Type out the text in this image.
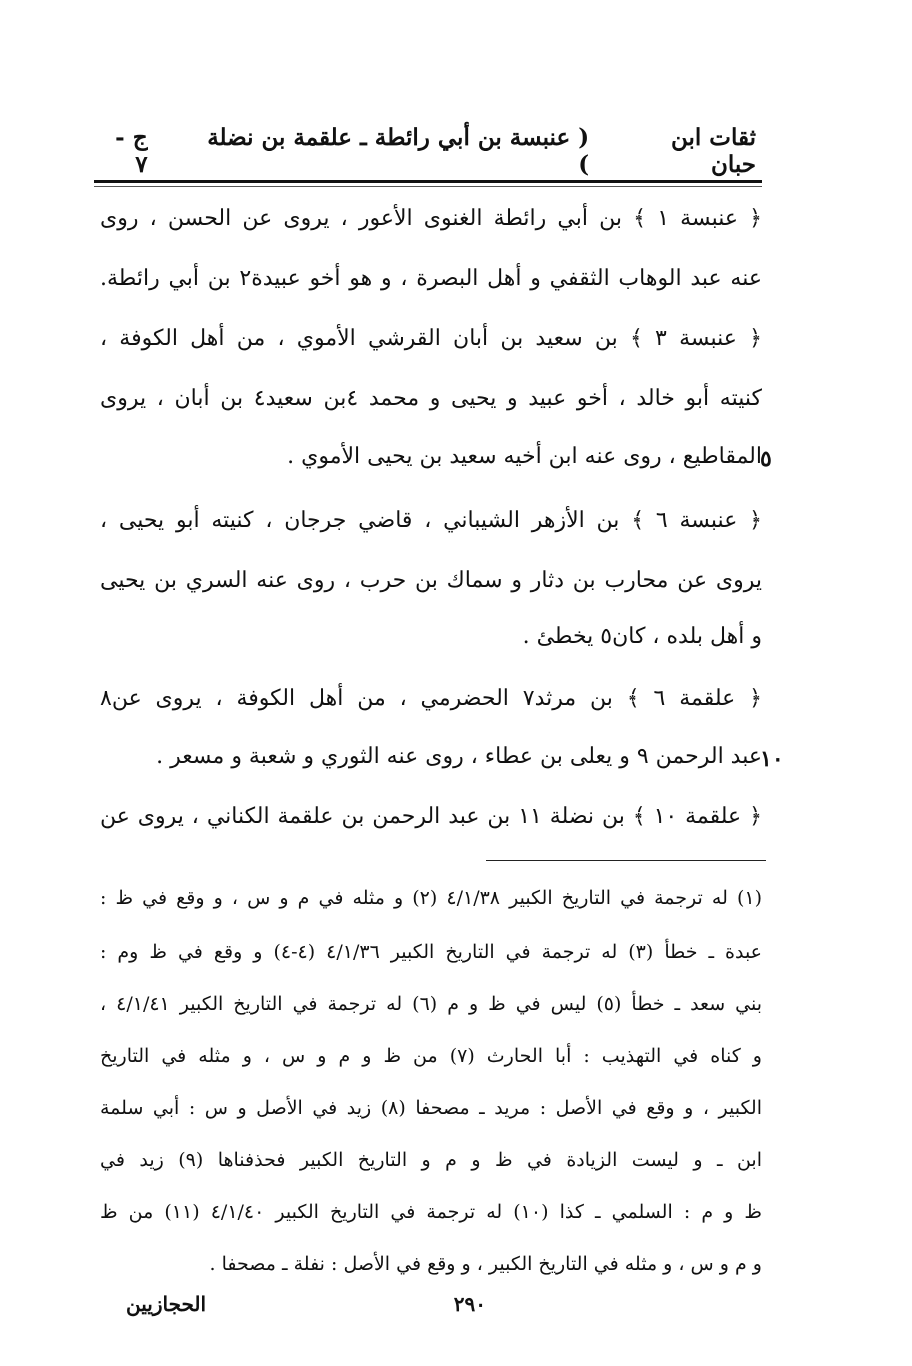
ثقات ابن حبان
( عنبسة بن أبي رائطة ـ علقمة بن نضلة )
ج - ٧
﴿ عنبسة ١ ﴾ بن أبي رائطة الغنوى الأعور ، يروى عن الحسن ، روى
عنه عبد الوهاب الثقفي و أهل البصرة ، و هو أخو عبيدة٢ بن أبي رائطة.
﴿ عنبسة ٣ ﴾ بن سعيد بن أبان القرشي الأموي ، من أهل الكوفة ،
كنيته أبو خالد ، أخو عبيد و يحيى و محمد ٤بن سعيد٤ بن أبان ، يروى
المقاطيع ، روى عنه ابن أخيه سعيد بن يحيى الأموي .
٥
﴿ عنبسة ٦ ﴾ بن الأزهر الشيباني ، قاضي جرجان ، كنيته أبو يحيى ،
يروى عن محارب بن دثار و سماك بن حرب ، روى عنه السري بن يحيى
و أهل بلده ، كان٥ يخطئ .
﴿ علقمة ٦ ﴾ بن مرثد٧ الحضرمي ، من أهل الكوفة ، يروى عن٨
عبد الرحمن ٩ و يعلى بن عطاء ، روى عنه الثوري و شعبة و مسعر .
١٠
﴿ علقمة ١٠ ﴾ بن نضلة ١١ بن عبد الرحمن بن علقمة الكناني ، يروى عن
(١) له ترجمة في التاريخ الكبير ٤/١/٣٨ (٢) و مثله في م و س ، و وقع في ظ :
عبدة ـ خطأ (٣) له ترجمة في التاريخ الكبير ٤/١/٣٦ (٤-٤) و وقع في ظ وم :
بني سعد ـ خطأ (٥) ليس في ظ و م (٦) له ترجمة في التاريخ الكبير ٤/١/٤١ ،
و كناه في التهذيب : أبا الحارث (٧) من ظ و م و س ، و مثله في التاريخ
الكبير ، و وقع في الأصل : مريد ـ مصحفا (٨) زيد في الأصل و س : أبي سلمة
ابن ـ و ليست الزيادة في ظ و م و التاريخ الكبير فحذفناها (٩) زيد في
ظ و م : السلمي ـ كذا (١٠) له ترجمة في التاريخ الكبير ٤/١/٤٠ (١١) من ظ
و م و س ، و مثله في التاريخ الكبير ، و وقع في الأصل : نفلة ـ مصحفا .
٢٩٠
الحجازيين
